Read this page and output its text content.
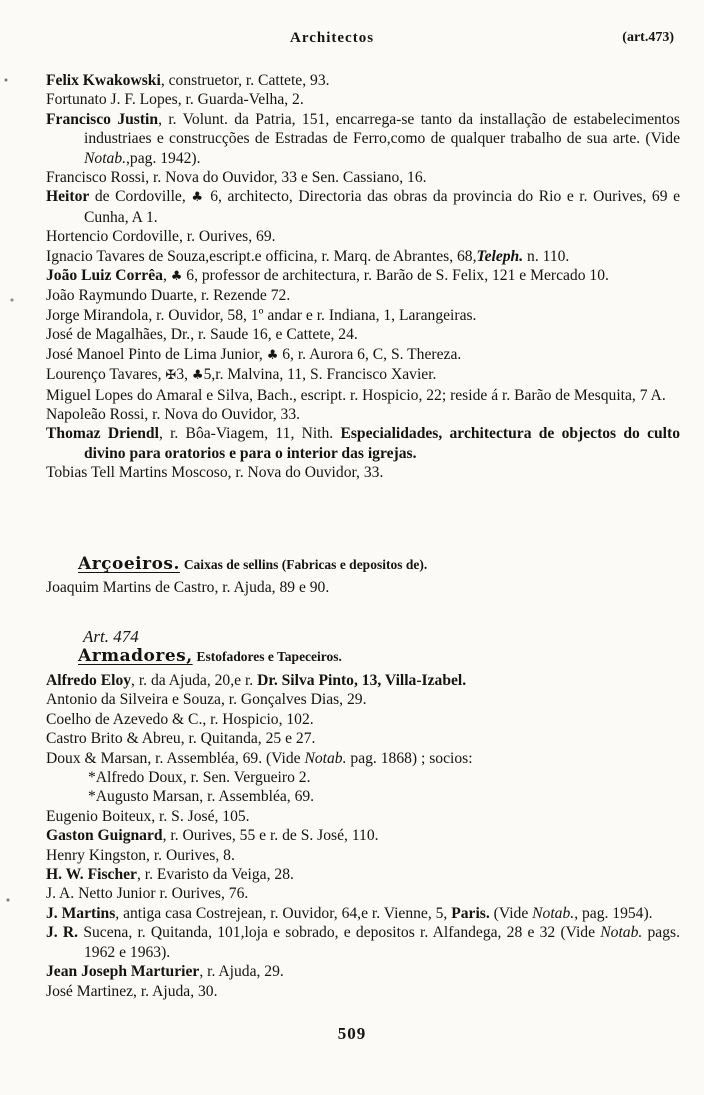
Architectos	(art.473)
Felix Kwakowski, construetor, r. Cattete, 93.
Fortunato J. F. Lopes, r. Guarda-Velha, 2.
Francisco Justin, r. Volunt. da Patria, 151, encarrega-se tanto da installação de estabelecimentos industriaes e construcções de Estradas de Ferro,como de qualquer trabalho de sua arte. (Vide Notab.,pag. 1942).
Francisco Rossi, r. Nova do Ouvidor, 33 e Sen. Cassiano, 16.
Heitor de Cordoville, ♣ 6, architecto, Directoria das obras da provincia do Rio e r. Ourives, 69 e Cunha, A 1.
Hortencio Cordoville, r. Ourives, 69.
Ignacio Tavares de Souza,escript.e officina, r. Marq. de Abrantes, 68,Teleph. n. 110.
João Luiz Corrêa, ♣ 6, professor de architectura, r. Barão de S. Felix, 121 e Mercado 10.
João Raymundo Duarte, r. Rezende 72.
Jorge Mirandola, r. Ouvidor, 58, 1º andar e r. Indiana, 1, Larangeiras.
José de Magalhães, Dr., r. Saude 16, e Cattete, 24.
José Manoel Pinto de Lima Junior, ♣ 6, r. Aurora 6, C, S. Thereza.
Lourenço Tavares, ✠3, ♣5,r. Malvina, 11, S. Francisco Xavier.
Miguel Lopes do Amaral e Silva, Bach., escript. r. Hospicio, 22; reside á r. Barão de Mesquita, 7 A.
Napoleão Rossi, r. Nova do Ouvidor, 33.
Thomaz Driendl, r. Bôa-Viagem, 11, Nith. Especialidades, architectura de objectos do culto divino para oratorios e para o interior das igrejas.
Tobias Tell Martins Moscoso, r. Nova do Ouvidor, 33.
Arçoeiros. Caixas de sellins (Fabricas e depositos de).
Joaquim Martins de Castro, r. Ajuda, 89 e 90.
Art. 474
Armadores, Estofadores e Tapeceiros.
Alfredo Eloy, r. da Ajuda, 20,e r. Dr. Silva Pinto, 13, Villa-Izabel.
Antonio da Silveira e Souza, r. Gonçalves Dias, 29.
Coelho de Azevedo & C., r. Hospicio, 102.
Castro Brito & Abreu, r. Quitanda, 25 e 27.
Doux & Marsan, r. Assembléa, 69. (Vide Notab. pag. 1868) ; socios:
*Alfredo Doux, r. Sen. Vergueiro 2.
*Augusto Marsan, r. Assembléa, 69.
Eugenio Boiteux, r. S. José, 105.
Gaston Guignard, r. Ourives, 55 e r. de S. José, 110.
Henry Kingston, r. Ourives, 8.
H. W. Fischer, r. Evaristo da Veiga, 28.
J. A. Netto Junior r. Ourives, 76.
J. Martins, antiga casa Costrejean, r. Ouvidor, 64,e r. Vienne, 5, Paris. (Vide Notab., pag. 1954).
J. R. Sucena, r. Quitanda, 101,loja e sobrado, e depositos r. Alfandega, 28 e 32 (Vide Notab. pags. 1962 e 1963).
Jean Joseph Marturier, r. Ajuda, 29.
José Martinez, r. Ajuda, 30.
509
